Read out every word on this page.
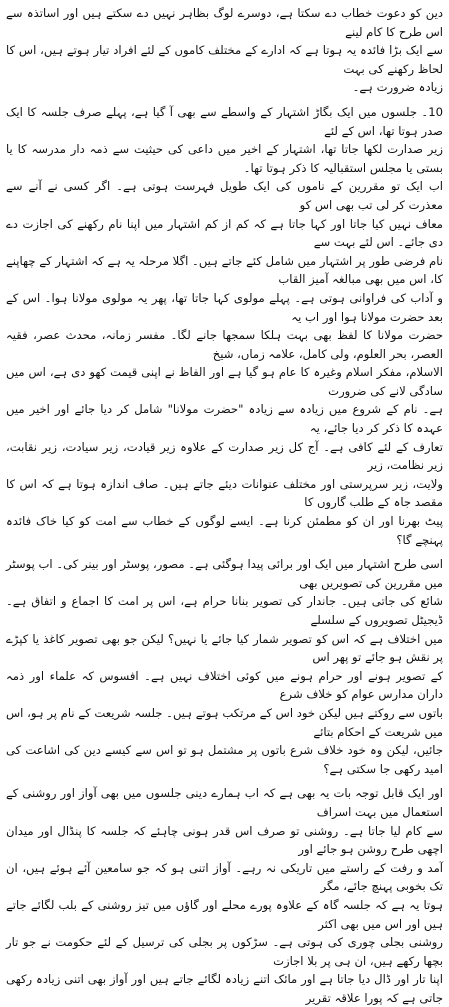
دین کو دعوت خطاب دے سکتا ہے، دوسرے لوگ بظاہر نہیں دے سکتے ہیں اور اساتذہ سے اس طرح کا کام لینے
سے ایک بڑا فائدہ یہ ہوتا ہے کہ ادارے کے مختلف کاموں کے لئے افراد تیار ہوتے ہیں، اس کا لحاظ رکھنے کی بہت
زیادہ ضرورت ہے۔
10۔ جلسوں میں ایک بگاڑ اشتہار کے واسطے سے بھی آ گیا ہے، پہلے صرف جلسہ کا ایک صدر ہوتا تھا، اس کے لئے
زیر صدارت لکھا جاتا تھا، اشتہار کے اخیر میں داعی کی حیثیت سے ذمہ دار مدرسہ کا یا بستی یا مجلس استقبالیہ کا ذکر ہوتا تھا۔
اب ایک تو مقررین کے ناموں کی ایک طویل فہرست ہوتی ہے۔ اگر کسی نے آنے سے معذرت کر لی تب بھی اس کو
معاف نہیں کیا جاتا اور کہا جاتا ہے کہ کم از کم اشتہار میں اپنا نام رکھنے کی اجازت دے دی جائے۔ اس لئے بہت سے
نام فرضی طور پر اشتہار میں شامل کئے جاتے ہیں۔ اگلا مرحلہ یہ ہے کہ اشتہار کے چھاپنے کا، اس میں بھی مبالغہ آمیز القاب
و آداب کی فراوانی ہوتی ہے۔ پہلے مولوی کہا جاتا تھا، پھر یہ مولوی مولانا ہوا۔ اس کے بعد حضرت مولانا ہوا اور اب یہ
حضرت مولانا کا لفظ بھی بہت ہلکا سمجھا جانے لگا۔ مفسر زمانہ، محدث عصر، فقیہ العصر، بحر العلوم، ولی کامل، علامہ زماں، شیخ
الاسلام، مفکر اسلام وغیرہ کا عام ہو گیا ہے اور الفاظ نے اپنی قیمت کھو دی ہے، اس میں سادگی لانے کی ضرورت
ہے۔ نام کے شروع میں زیادہ سے زیادہ "حضرت مولانا" شامل کر دیا جائے اور اخیر میں عہدہ کا ذکر کر دیا جائے، یہ
تعارف کے لئے کافی ہے۔ آج کل زیر صدارت کے علاوہ زیر قیادت، زیر سیادت، زیر نقابت، زیر نظامت، زیر
ولایت، زیر سرپرستی اور مختلف عنوانات دیئے جاتے ہیں۔ صاف اندازہ ہوتا ہے کہ اس کا مقصد جاہ کے طلب گاروں کا
پیٹ بھرنا اور ان کو مطمئن کرنا ہے۔ ایسے لوگوں کے خطاب سے امت کو کیا خاک فائدہ پہنچے گا؟
اسی طرح اشتہار میں ایک اور برائی پیدا ہوگئی ہے۔ مصور، پوسٹر اور بینر کی۔ اب پوسٹر میں مقررین کی تصویریں بھی
شائع کی جاتی ہیں۔ جاندار کی تصویر بنانا حرام ہے، اس پر امت کا اجماع و اتفاق ہے۔ ڈیجیٹل تصویروں کے سلسلے
میں اختلاف ہے کہ اس کو تصویر شمار کیا جائے یا نہیں؟ لیکن جو بھی تصویر کاغذ یا کپڑے پر نقش ہو جائے تو پھر اس
کے تصویر ہونے اور حرام ہونے میں کوئی اختلاف نہیں ہے۔ افسوس کہ علماء اور ذمہ داران مدارس عوام کو خلاف شرع
باتوں سے روکتے ہیں لیکن خود اس کے مرتکب ہوتے ہیں۔ جلسہ شریعت کے نام پر ہو، اس میں شریعت کے احکام بتائے
جائیں، لیکن وہ خود خلاف شرع باتوں پر مشتمل ہو تو اس سے کیسے دین کی اشاعت کی امید رکھی جا سکتی ہے؟
اور ایک قابل توجہ بات یہ بھی ہے کہ اب ہمارے دینی جلسوں میں بھی آواز اور روشنی کے استعمال میں بہت اسراف
سے کام لیا جاتا ہے۔ روشنی تو صرف اس قدر ہونی چاہئے کہ جلسہ کا پنڈال اور میدان اچھی طرح روشن ہو جائے اور
آمد و رفت کے راستے میں تاریکی نہ رہے۔ آواز اتنی ہو کہ جو سامعین آئے ہوئے ہیں، ان تک بخوبی پہنچ جائے، مگر
ہوتا یہ ہے کہ جلسہ گاہ کے علاوہ پورے محلے اور گاؤں میں تیز روشنی کے بلب لگائے جاتے ہیں اور اس میں بھی اکثر
روشنی بجلی چوری کی ہوتی ہے۔ سڑکوں پر بجلی کی ترسیل کے لئے حکومت نے جو تار بچھا رکھے ہیں، ان ہی پر بلا اجازت
اپنا تار اور ڈال دیا جاتا ہے اور مائک اتنے زیادہ لگائے جاتے ہیں اور آواز بھی اتنی زیادہ رکھی جاتی ہے کہ پورا علاقہ تقریر
